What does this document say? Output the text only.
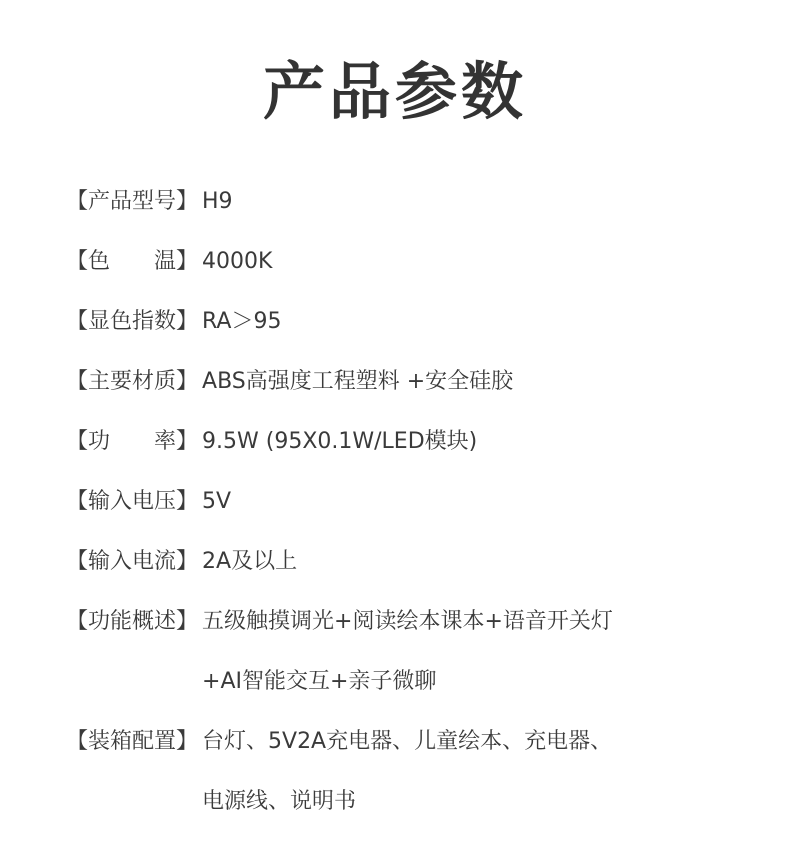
产品参数
【产品型号】 H9
【色　　温】 4000K
【显色指数】 RA＞95
【主要材质】 ABS高强度工程塑料 +安全硅胶
【功　　率】 9.5W (95X0.1W/LED模块)
【输入电压】 5V
【输入电流】 2A及以上
【功能概述】 五级触摸调光+阅读绘本课本+语音开关灯
+AI智能交互+亲子微聊
【装箱配置】 台灯、5V2A充电器、儿童绘本、充电器、
电源线、说明书
